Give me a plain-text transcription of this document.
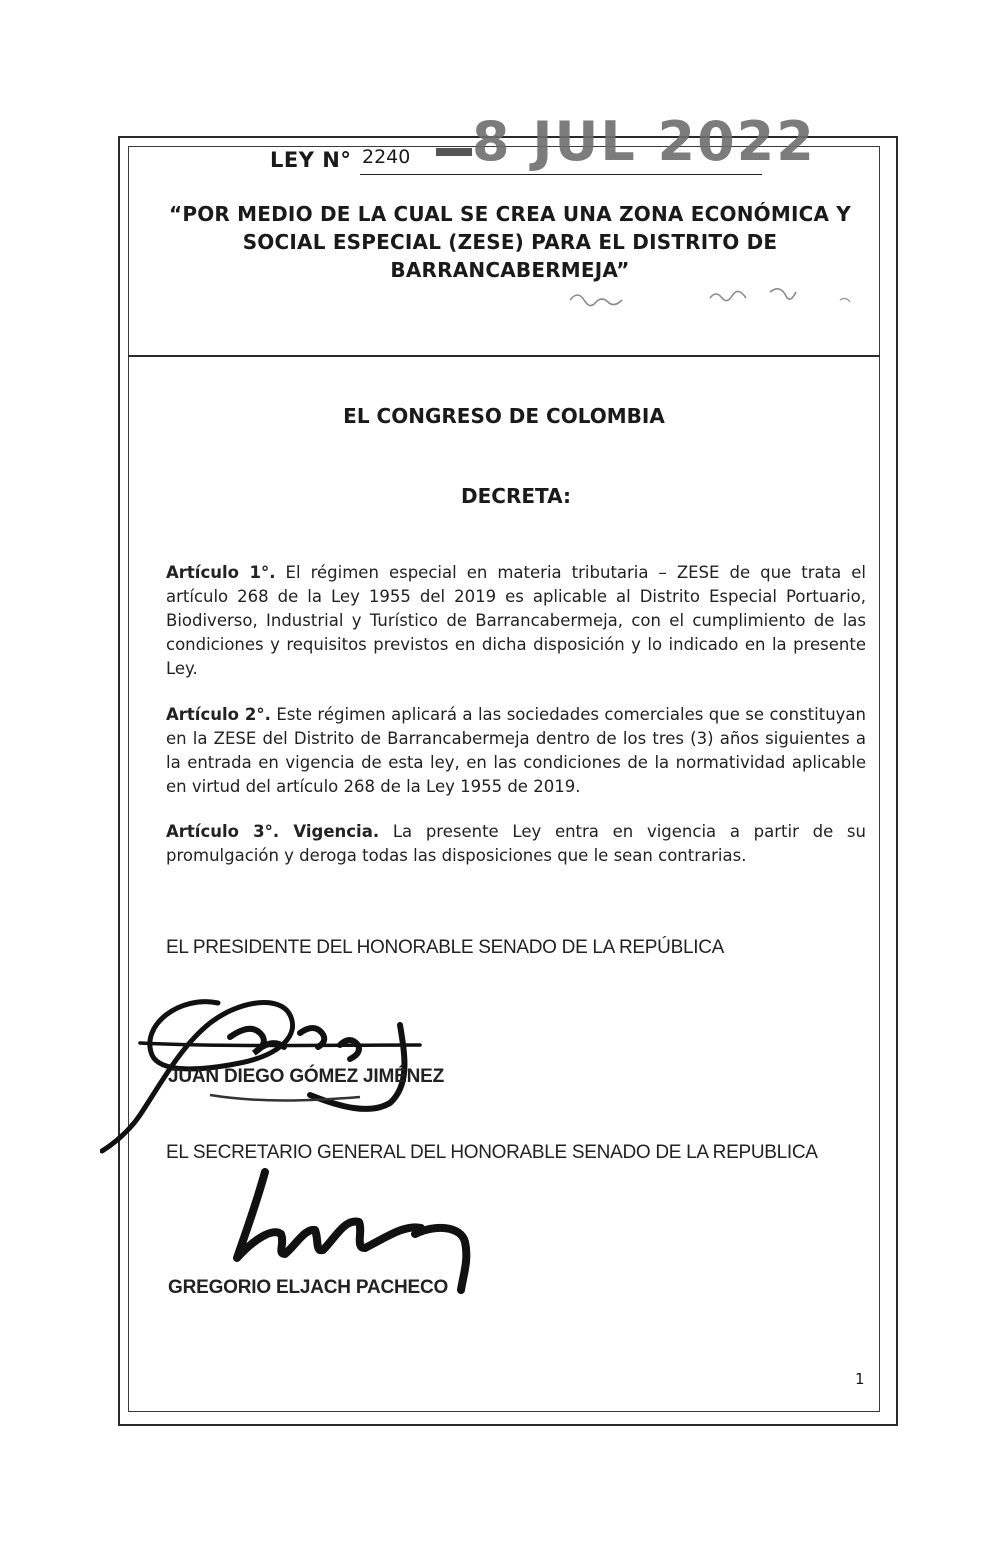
8 JUL 2022
LEY N° 2240
“POR MEDIO DE LA CUAL SE CREA UNA ZONA ECONÓMICA Y SOCIAL ESPECIAL (ZESE) PARA EL DISTRITO DE BARRANCABERMEJA”
EL CONGRESO DE COLOMBIA
DECRETA:
Artículo 1°. El régimen especial en materia tributaria – ZESE de que trata el artículo 268 de la Ley 1955 del 2019 es aplicable al Distrito Especial Portuario, Biodiverso, Industrial y Turístico de Barrancabermeja, con el cumplimiento de las condiciones y requisitos previstos en dicha disposición y lo indicado en la presente Ley.
Artículo 2°. Este régimen aplicará a las sociedades comerciales que se constituyan en la ZESE del Distrito de Barrancabermeja dentro de los tres (3) años siguientes a la entrada en vigencia de esta ley, en las condiciones de la normatividad aplicable en virtud del artículo 268 de la Ley 1955 de 2019.
Artículo 3°. Vigencia. La presente Ley entra en vigencia a partir de su promulgación y deroga todas las disposiciones que le sean contrarias.
EL PRESIDENTE DEL HONORABLE SENADO DE LA REPÚBLICA
JUAN DIEGO GÓMEZ JIMÉNEZ
EL SECRETARIO GENERAL DEL HONORABLE SENADO DE LA REPUBLICA
GREGORIO ELJACH PACHECO
1
